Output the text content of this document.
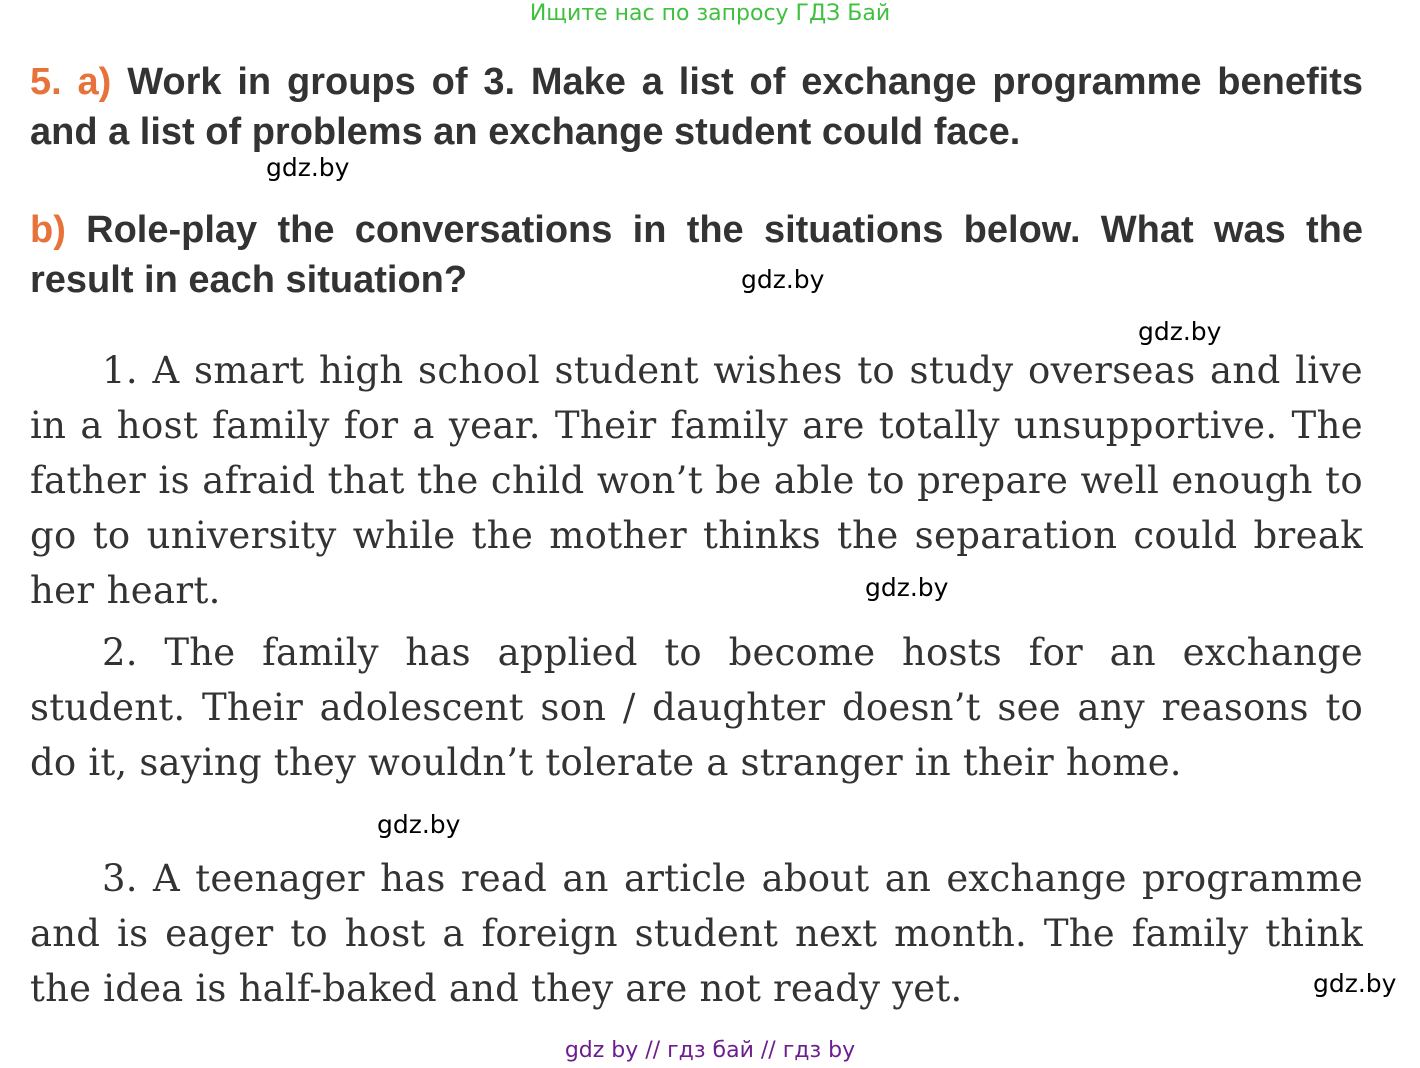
Ищите нас по запросу ГДЗ Бай
5. a) Work in groups of 3. Make a list of exchange programme benefits and a list of problems an exchange student could face.
b) Role-play the conversations in the situations below. What was the result in each situation?
1. A smart high school student wishes to study overseas and live in a host family for a year. Their family are totally unsupportive. The father is afraid that the child won’t be able to prepare well enough to go to university while the mother thinks the separation could break her heart.
2. The family has applied to become hosts for an exchange student. Their adolescent son / daughter doesn’t see any reasons to do it, saying they wouldn’t tolerate a stranger in their home.
3. A teenager has read an article about an exchange programme and is eager to host a foreign student next month. The family think the idea is half-baked and they are not ready yet.
gdz.by
gdz.by
gdz.by
gdz.by
gdz.by
gdz.by
gdz by // гдз бай // гдз by
